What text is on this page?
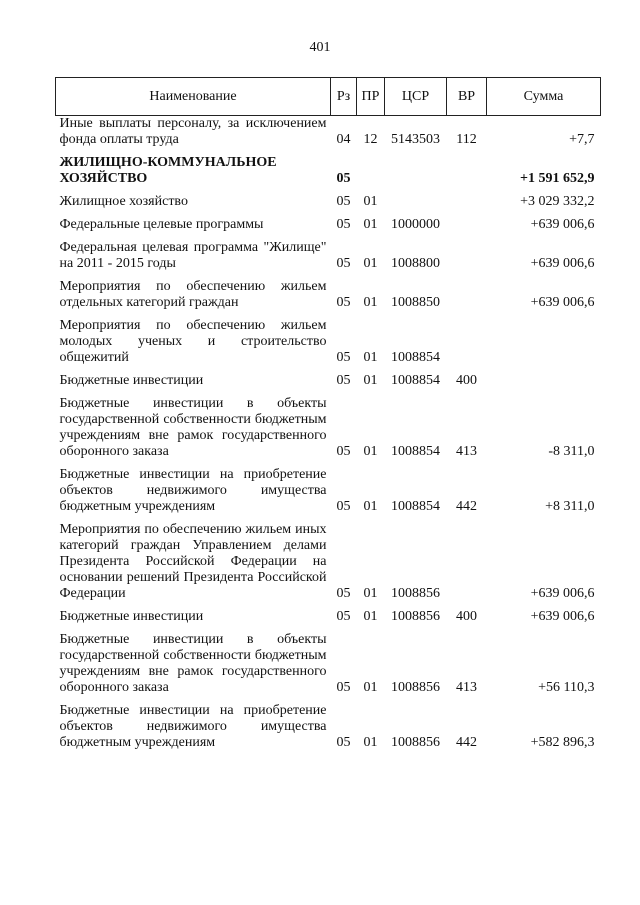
401
Наименование	Рз	ПР	ЦСР	ВР	Сумма
Иные выплаты персоналу, за исключением фонда оплаты труда	04	12	5143503	112	+7,7
ЖИЛИЩНО-КОММУНАЛЬНОЕ ХОЗЯЙСТВО	05				+1 591 652,9
Жилищное хозяйство	05	01			+3 029 332,2
Федеральные целевые программы	05	01	1000000		+639 006,6
Федеральная целевая программа "Жилище" на 2011 - 2015 годы	05	01	1008800		+639 006,6
Мероприятия по обеспечению жильем отдельных категорий граждан	05	01	1008850		+639 006,6
Мероприятия по обеспечению жильем молодых ученых и строительство общежитий	05	01	1008854		
Бюджетные инвестиции	05	01	1008854	400	
Бюджетные инвестиции в объекты государственной собственности бюджетным учреждениям вне рамок государственного оборонного заказа	05	01	1008854	413	-8 311,0
Бюджетные инвестиции на приобретение объектов недвижимого имущества бюджетным учреждениям	05	01	1008854	442	+8 311,0
Мероприятия по обеспечению жильем иных категорий граждан Управлением делами Президента Российской Федерации на основании решений Президента Российской Федерации	05	01	1008856		+639 006,6
Бюджетные инвестиции	05	01	1008856	400	+639 006,6
Бюджетные инвестиции в объекты государственной собственности бюджетным учреждениям вне рамок государственного оборонного заказа	05	01	1008856	413	+56 110,3
Бюджетные инвестиции на приобретение объектов недвижимого имущества бюджетным учреждениям	05	01	1008856	442	+582 896,3
